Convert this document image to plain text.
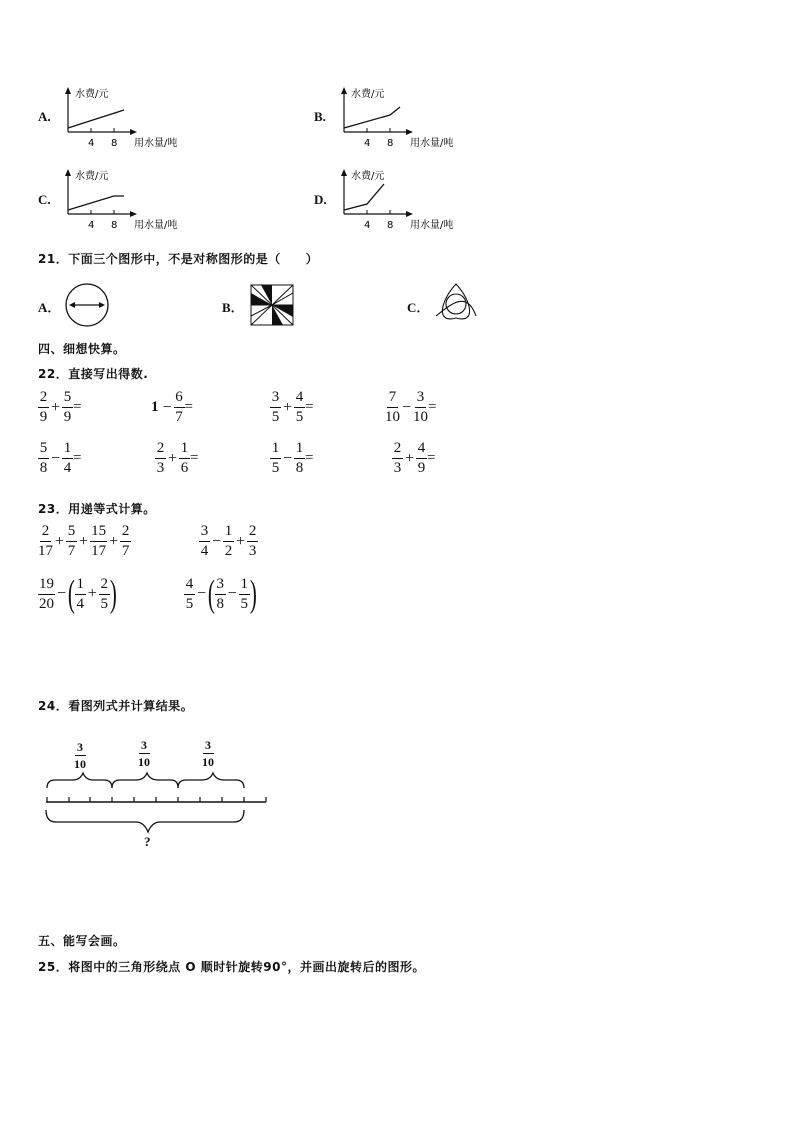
A.
水费/元
4 8 用水量/吨
B.
水费/元
4 8 用水量/吨
C.
水费/元
4 8 用水量/吨
D.
水费/元
4 8 用水量/吨
21．下面三个图形中，不是对称图形的是（　　）
A．	B．	C．
四、细想快算。
22．直接写出得数.
$\frac{2}{9} + \frac{5}{9}$ =	$1 - \frac{6}{7}$ =	$\frac{3}{5} + \frac{4}{5}$ =	$\frac{7}{10} - \frac{3}{10}$ =
$\frac{5}{8} - \frac{1}{4}$ =	$\frac{2}{3} + \frac{1}{6}$ =	$\frac{1}{5} - \frac{1}{8}$ =	$\frac{2}{3} + \frac{4}{9}$ =
23．用递等式计算。
$\frac{2}{17} + \frac{5}{7} + \frac{15}{17} + \frac{2}{7}$	$\frac{3}{4} - \frac{1}{2} + \frac{2}{3}$
$\frac{19}{20}$ − ( $\frac{1}{4} + \frac{2}{5}$ )	$\frac{4}{5}$ − ( $\frac{3}{8} - \frac{1}{5}$ )
24．看图列式并计算结果。
$\frac{3}{10}$	$\frac{3}{10}$	$\frac{3}{10}$
?
五、能写会画。
25．将图中的三角形绕点 O 顺时针旋转90°，并画出旋转后的图形。
